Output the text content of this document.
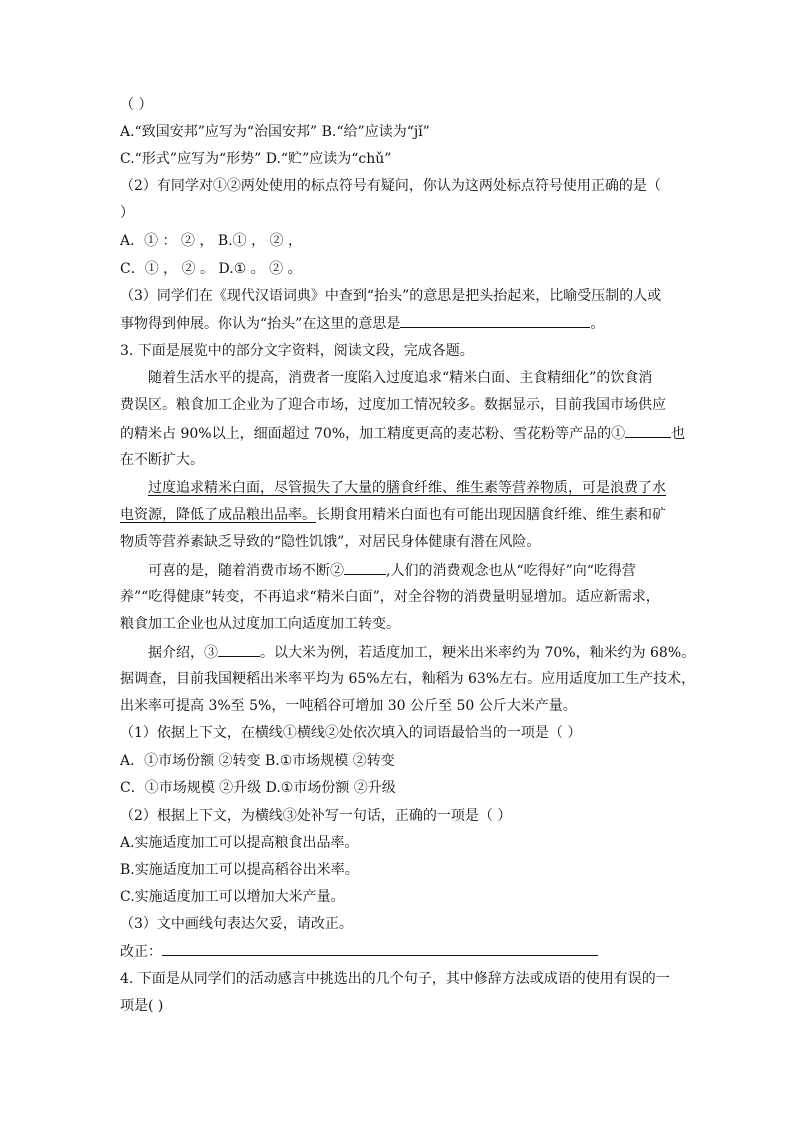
（ ）
A.“致国安邦”应写为“治国安邦” B.“给”应读为“jǐ”
C.“形式”应写为“形势” D.“贮”应读为“chǔ”
（2）有同学对①②两处使用的标点符号有疑问，你认为这两处标点符号使用正确的是（
）
A．① ： ② ， B.① ， ② ，
C．① ， ② 。 D.① 。 ② 。
（3）同学们在《现代汉语词典》中查到“抬头”的意思是把头抬起来，比喻受压制的人或
事物得到伸展。你认为“抬头”在这里的意思是	。
3. 下面是展览中的部分文字资料，阅读文段，完成各题。
随着生活水平的提高，消费者一度陷入过度追求“精米白面、主食精细化”的饮食消
费误区。粮食加工企业为了迎合市场，过度加工情况较多。数据显示，目前我国市场供应
的精米占 90%以上，细面超过 70%，加工精度更高的麦芯粉、雪花粉等产品的①	也
在不断扩大。
过度追求精米白面，尽管损失了大量的膳食纤维、维生素等营养物质，可是浪费了水
电资源，降低了成品粮出品率。长期食用精米白面也有可能出现因膳食纤维、维生素和矿
物质等营养素缺乏导致的“隐性饥饿”，对居民身体健康有潜在风险。
可喜的是，随着消费市场不断②	,人们的消费观念也从“吃得好”向“吃得营
养”“吃得健康”转变，不再追求“精米白面”，对全谷物的消费量明显增加。适应新需求，
粮食加工企业也从过度加工向适度加工转变。
据介绍，③	。以大米为例，若适度加工，粳米出米率约为 70%，籼米约为 68%。
据调查，目前我国粳稻出米率平均为 65%左右，籼稻为 63%左右。应用适度加工生产技术，
出米率可提高 3%至 5%，一吨稻谷可增加 30 公斤至 50 公斤大米产量。
（1）依据上下文，在横线①横线②处依次填入的词语最恰当的一项是（ ）
A．①市场份额 ②转变 B.①市场规模 ②转变
C．①市场规模 ②升级 D.①市场份额 ②升级
（2）根据上下文，为横线③处补写一句话，正确的一项是（ ）
A.实施适度加工可以提高粮食出品率。
B.实施适度加工可以提高稻谷出米率。
C.实施适度加工可以增加大米产量。
（3）文中画线句表达欠妥，请改正。
改正：
4. 下面是从同学们的活动感言中挑选出的几个句子，其中修辞方法或成语的使用有误的一
项是( )
